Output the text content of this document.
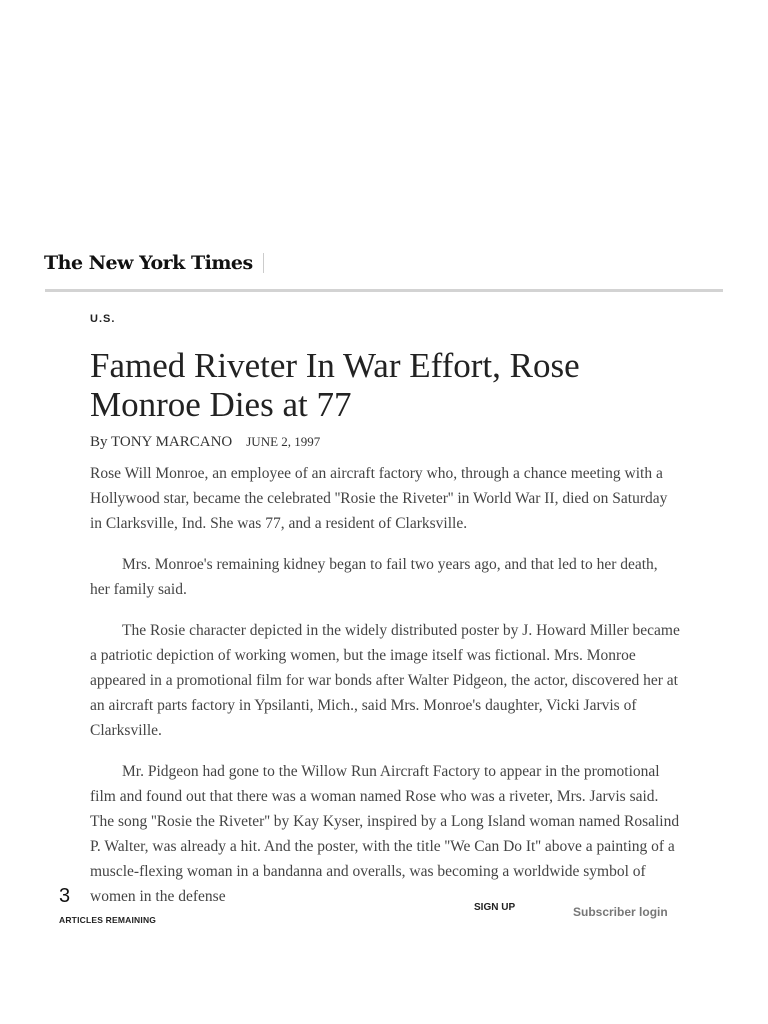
The New York Times
U.S.
Famed Riveter In War Effort, Rose Monroe Dies at 77
By TONY MARCANO JUNE 2, 1997

Rose Will Monroe, an employee of an aircraft factory who, through a chance meeting with a Hollywood star, became the celebrated ''Rosie the Riveter'' in World War II, died on Saturday in Clarksville, Ind. She was 77, and a resident of Clarksville.

Mrs. Monroe's remaining kidney began to fail two years ago, and that led to her death, her family said.

The Rosie character depicted in the widely distributed poster by J. Howard Miller became a patriotic depiction of working women, but the image itself was fictional. Mrs. Monroe appeared in a promotional film for war bonds after Walter Pidgeon, the actor, discovered her at an aircraft parts factory in Ypsilanti, Mich., said Mrs. Monroe's daughter, Vicki Jarvis of Clarksville.

Mr. Pidgeon had gone to the Willow Run Aircraft Factory to appear in the promotional film and found out that there was a woman named Rose who was a riveter, Mrs. Jarvis said. The song ''Rosie the Riveter'' by Kay Kyser, inspired by a Long Island woman named Rosalind P. Walter, was already a hit. And the poster, with the title ''We Can Do It'' above a painting of a muscle-flexing woman in a bandanna and overalls, was becoming a worldwide symbol of women in the defense

3
ARTICLES REMAINING
SIGN UP	Subscriber login
